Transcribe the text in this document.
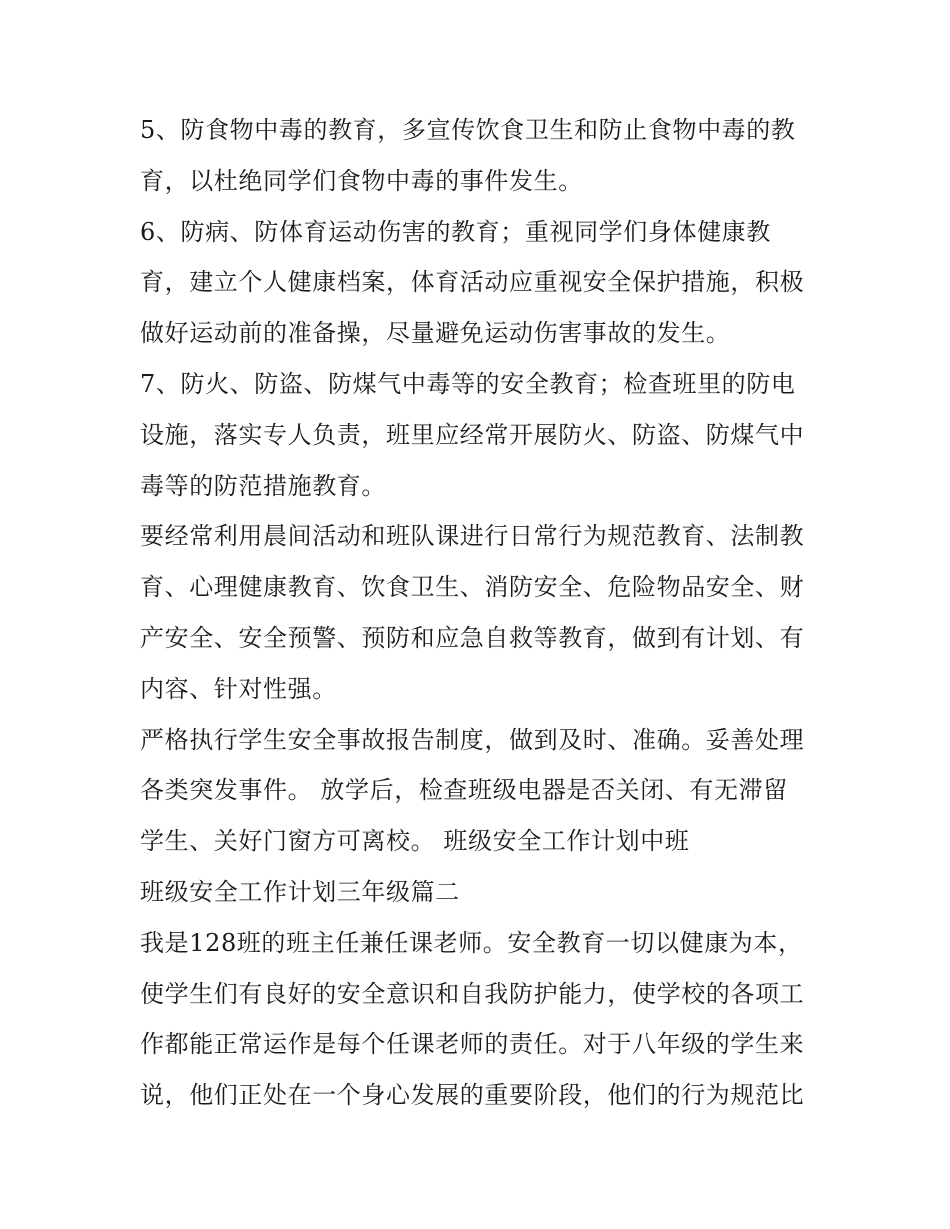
5、防食物中毒的教育，多宣传饮食卫生和防止食物中毒的教
育，以杜绝同学们食物中毒的事件发生。
6、防病、防体育运动伤害的教育；重视同学们身体健康教
育，建立个人健康档案，体育活动应重视安全保护措施，积极
做好运动前的准备操，尽量避免运动伤害事故的发生。
7、防火、防盗、防煤气中毒等的安全教育；检查班里的防电
设施，落实专人负责，班里应经常开展防火、防盗、防煤气中
毒等的防范措施教育。
要经常利用晨间活动和班队课进行日常行为规范教育、法制教
育、心理健康教育、饮食卫生、消防安全、危险物品安全、财
产安全、安全预警、预防和应急自救等教育，做到有计划、有
内容、针对性强。
严格执行学生安全事故报告制度，做到及时、准确。妥善处理
各类突发事件。 放学后，检查班级电器是否关闭、有无滞留
学生、关好门窗方可离校。 班级安全工作计划中班
班级安全工作计划三年级篇二
我是128班的班主任兼任课老师。安全教育一切以健康为本，
使学生们有良好的安全意识和自我防护能力，使学校的各项工
作都能正常运作是每个任课老师的责任。对于八年级的学生来
说，他们正处在一个身心发展的重要阶段，他们的行为规范比
